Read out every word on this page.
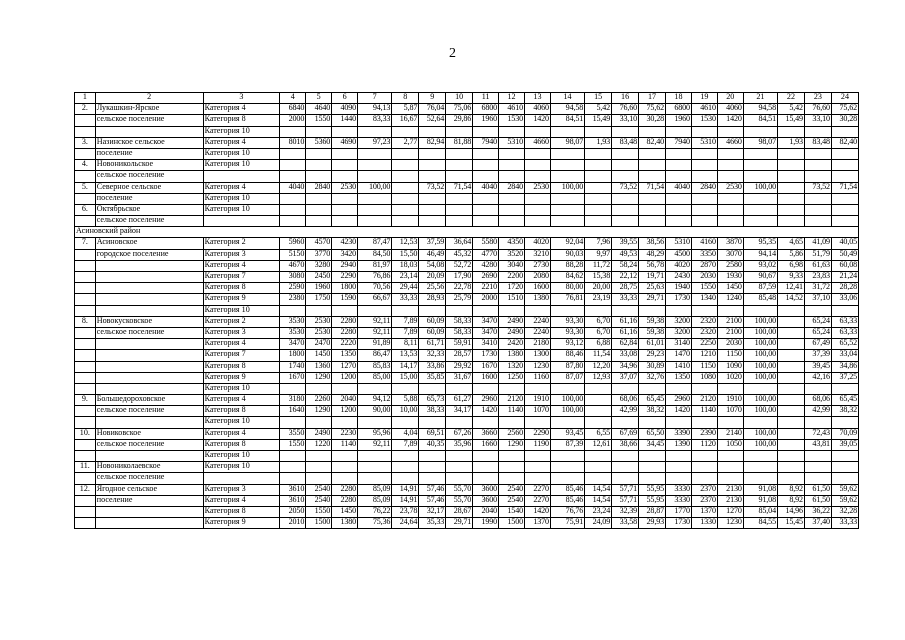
2
1	2	3	4	5	6	7	8	9	10	11	12	13	14	15	16	17	18	19	20	21	22	23	24
2.	Лукашкин-Ярское	Категория 4	6840	4640	4090	94,13	5,87	76,04	75,06	6800	4610	4060	94,58	5,42	76,60	75,62	6800	4610	4060	94,58	5,42	76,60	75,62
	сельское поселение	Категория 8	2000	1550	1440	83,33	16,67	52,64	29,86	1960	1530	1420	84,51	15,49	33,10	30,28	1960	1530	1420	84,51	15,49	33,10	30,28
		Категория 10																					
3.	Назинское сельское	Категория 4	8010	5360	4690	97,23	2,77	82,94	81,88	7940	5310	4660	98,07	1,93	83,48	82,40	7940	5310	4660	98,07	1,93	83,48	82,40
	поселение	Категория 10																					
4.	Новоникольское	Категория 10																					
	сельское поселение																						
5.	Северное сельское	Категория 4	4040	2840	2530	100,00		73,52	71,54	4040	2840	2530	100,00		73,52	71,54	4040	2840	2530	100,00		73,52	71,54
	поселение	Категория 10																					
6.	Октябрьское	Категория 10																					
	сельское поселение																						
Асиновский район																							
7.	Асиновское	Категория 2	5960	4570	4230	87,47	12,53	37,59	36,64	5580	4350	4020	92,04	7,96	39,55	38,56	5310	4160	3870	95,35	4,65	41,09	40,05
	городское поселение	Категория 3	5150	3770	3420	84,50	15,50	46,49	45,32	4770	3520	3210	90,03	9,97	49,53	48,29	4500	3350	3070	94,14	5,86	51,79	50,49
		Категория 4	4670	3280	2940	81,97	18,03	54,08	52,72	4280	3040	2730	88,28	11,72	58,24	56,78	4020	2870	2580	93,02	6,98	61,63	60,08
		Категория 7	3080	2450	2290	76,86	23,14	20,09	17,90	2690	2200	2080	84,62	15,38	22,12	19,71	2430	2030	1930	90,67	9,33	23,83	21,24
		Категория 8	2590	1960	1800	70,56	29,44	25,56	22,78	2210	1720	1600	80,00	20,00	28,75	25,63	1940	1550	1450	87,59	12,41	31,72	28,28
		Категория 9	2380	1750	1590	66,67	33,33	28,93	25,79	2000	1510	1380	76,81	23,19	33,33	29,71	1730	1340	1240	85,48	14,52	37,10	33,06
		Категория 10																					
8.	Новокусковское	Категория 2	3530	2530	2280	92,11	7,89	60,09	58,33	3470	2490	2240	93,30	6,70	61,16	59,38	3200	2320	2100	100,00		65,24	63,33
	сельское поселение	Категория 3	3530	2530	2280	92,11	7,89	60,09	58,33	3470	2490	2240	93,30	6,70	61,16	59,38	3200	2320	2100	100,00		65,24	63,33
		Категория 4	3470	2470	2220	91,89	8,11	61,71	59,91	3410	2420	2180	93,12	6,88	62,84	61,01	3140	2250	2030	100,00		67,49	65,52
		Категория 7	1800	1450	1350	86,47	13,53	32,33	28,57	1730	1380	1300	88,46	11,54	33,08	29,23	1470	1210	1150	100,00		37,39	33,04
		Категория 8	1740	1360	1270	85,83	14,17	33,86	29,92	1670	1320	1230	87,80	12,20	34,96	30,89	1410	1150	1090	100,00		39,45	34,86
		Категория 9	1670	1290	1200	85,00	15,00	35,85	31,67	1600	1250	1160	87,07	12,93	37,07	32,76	1350	1080	1020	100,00		42,16	37,25
		Категория 10																					
9.	Большедороховское	Категория 4	3180	2260	2040	94,12	5,88	65,73	61,27	2960	2120	1910	100,00		68,06	65,45	2960	2120	1910	100,00		68,06	65,45
	сельское поселение	Категория 8	1640	1290	1200	90,00	10,00	38,33	34,17	1420	1140	1070	100,00		42,99	38,32	1420	1140	1070	100,00		42,99	38,32
		Категория 10																					
10.	Новиковское	Категория 4	3550	2490	2230	95,96	4,04	69,51	67,26	3660	2560	2290	93,45	6,55	67,69	65,50	3390	2390	2140	100,00		72,43	70,09
	сельское поселение	Категория 8	1550	1220	1140	92,11	7,89	40,35	35,96	1660	1290	1190	87,39	12,61	38,66	34,45	1390	1120	1050	100,00		43,81	39,05
		Категория 10																					
11.	Новониколаевское	Категория 10																					
	сельское поселение																						
12.	Ягодное сельское	Категория 3	3610	2540	2280	85,09	14,91	57,46	55,70	3600	2540	2270	85,46	14,54	57,71	55,95	3330	2370	2130	91,08	8,92	61,50	59,62
	поселение	Категория 4	3610	2540	2280	85,09	14,91	57,46	55,70	3600	2540	2270	85,46	14,54	57,71	55,95	3330	2370	2130	91,08	8,92	61,50	59,62
		Категория 8	2050	1550	1450	76,22	23,78	32,17	28,67	2040	1540	1420	76,76	23,24	32,39	28,87	1770	1370	1270	85,04	14,96	36,22	32,28
		Категория 9	2010	1500	1380	75,36	24,64	35,33	29,71	1990	1500	1370	75,91	24,09	33,58	29,93	1730	1330	1230	84,55	15,45	37,40	33,33
